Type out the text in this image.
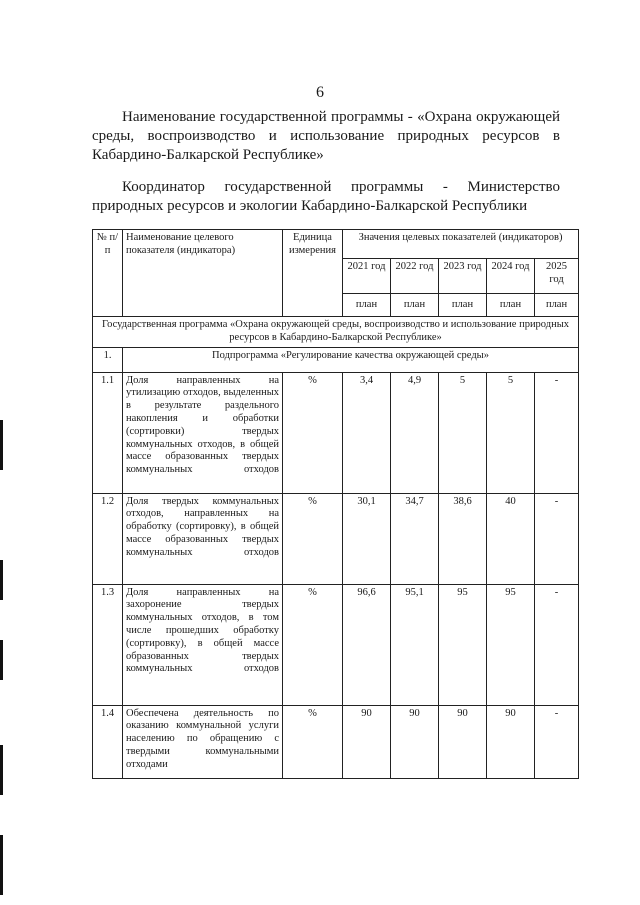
6
Наименование государственной программы - «Охрана окружающей среды, воспроизводство и использование природных ресурсов в Кабардино-Балкарской Республике»
Координатор государственной программы - Министерство природных ресурсов и экологии Кабардино-Балкарской Республики
№ п/п	Наименование целевого показателя (индикатора)	Единица измерения	Значения целевых показателей (индикаторов)				
			2021 год	2022 год	2023 год	2024 год	2025 год
			план	план	план	план	план
Государственная программа «Охрана окружающей среды, воспроизводство и использование природных ресурсов в Кабардино-Балкарской Республике»							
1.	Подпрограмма «Регулирование качества окружающей среды»						
1.1	Доля направленных на утилизацию отходов, выделенных в результате раздельного накопления и обработки (сортировки) твердых коммунальных отходов, в общей массе образованных твердых коммунальных отходов	%	3,4	4,9	5	5	-
1.2	Доля твердых коммунальных отходов, направленных на обработку (сортировку), в общей массе образованных твердых коммунальных отходов	%	30,1	34,7	38,6	40	-
1.3	Доля направленных на захоронение твердых коммунальных отходов, в том числе прошедших обработку (сортировку), в общей массе образованных твердых коммунальных отходов	%	96,6	95,1	95	95	-
1.4	Обеспечена деятельность по оказанию коммунальной услуги населению по обращению с твердыми коммунальными отходами	%	90	90	90	90	-
